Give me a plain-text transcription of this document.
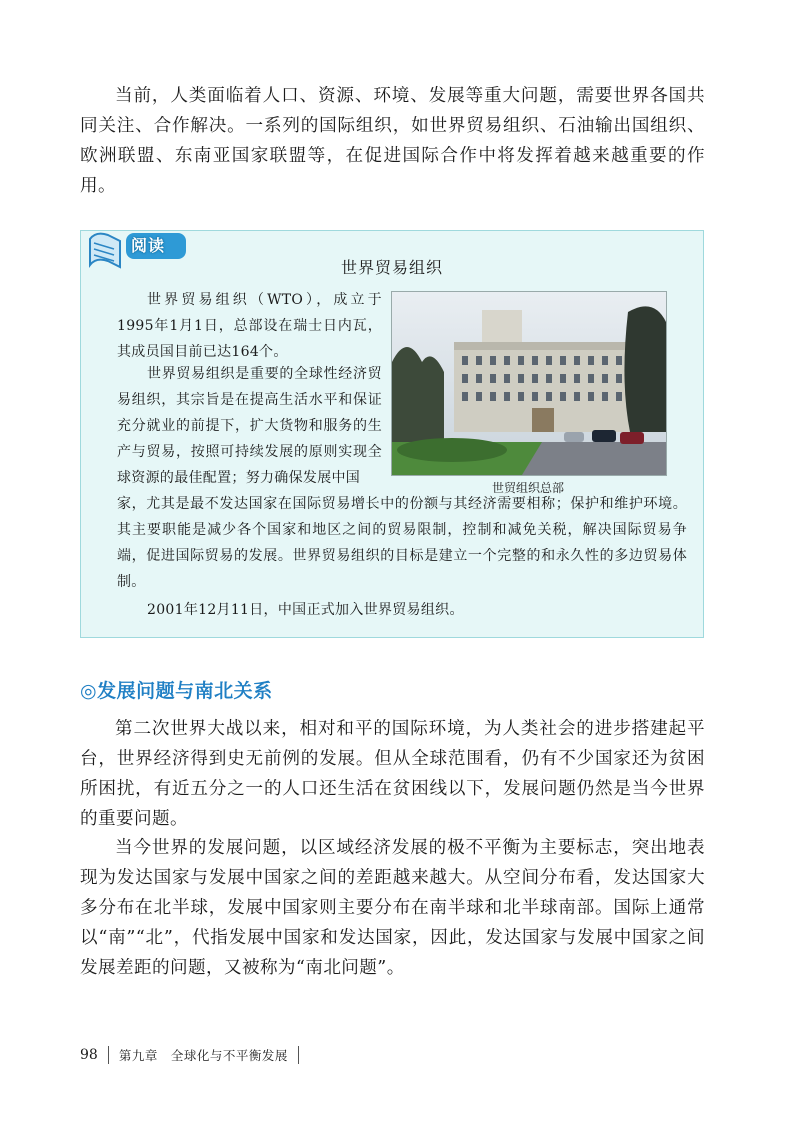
当前，人类面临着人口、资源、环境、发展等重大问题，需要世界各国共同关注、合作解决。一系列的国际组织，如世界贸易组织、石油输出国组织、欧洲联盟、东南亚国家联盟等，在促进国际合作中将发挥着越来越重要的作用。

阅读
世界贸易组织

世界贸易组织（WTO），成立于1995年1月1日，总部设在瑞士日内瓦，其成员国目前已达164个。

世界贸易组织是重要的全球性经济贸易组织，其宗旨是在提高生活水平和保证充分就业的前提下，扩大货物和服务的生产与贸易，按照可持续发展的原则实现全球资源的最佳配置；努力确保发展中国

世贸组织总部

家，尤其是最不发达国家在国际贸易增长中的份额与其经济需要相称；保护和维护环境。其主要职能是减少各个国家和地区之间的贸易限制，控制和减免关税，解决国际贸易争端，促进国际贸易的发展。世界贸易组织的目标是建立一个完整的和永久性的多边贸易体制。

2001年12月11日，中国正式加入世界贸易组织。

◎发展问题与南北关系

第二次世界大战以来，相对和平的国际环境，为人类社会的进步搭建起平台，世界经济得到史无前例的发展。但从全球范围看，仍有不少国家还为贫困所困扰，有近五分之一的人口还生活在贫困线以下，发展问题仍然是当今世界的重要问题。

当今世界的发展问题，以区域经济发展的极不平衡为主要标志，突出地表现为发达国家与发展中国家之间的差距越来越大。从空间分布看，发达国家大多分布在北半球，发展中国家则主要分布在南半球和北半球南部。国际上通常以“南”“北”，代指发展中国家和发达国家，因此，发达国家与发展中国家之间发展差距的问题，又被称为“南北问题”。

98 第九章　全球化与不平衡发展
